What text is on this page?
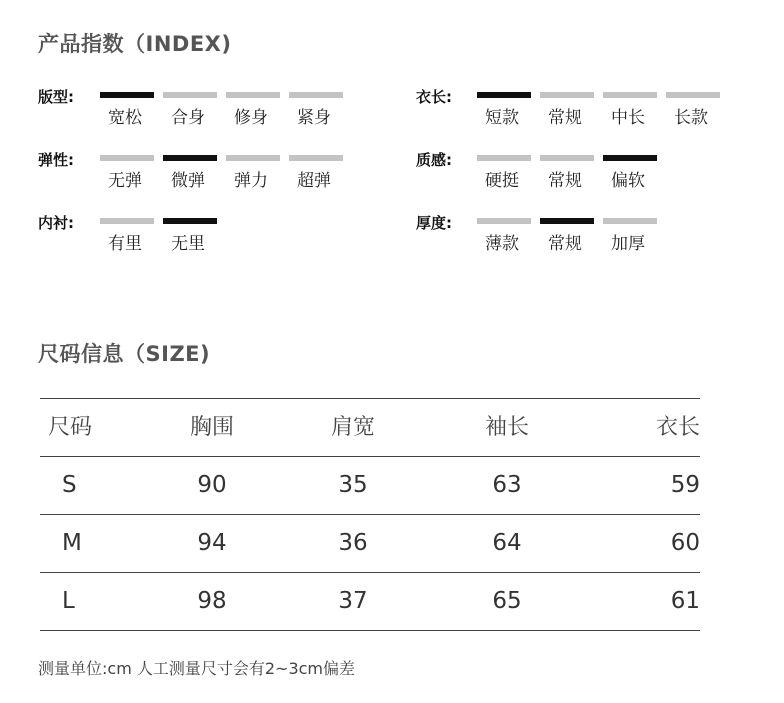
产品指数（INDEX)
版型:
宽松 合身 修身 紧身
衣长:
短款 常规 中长 长款
弹性:
无弹 微弹 弹力 超弹
质感:
硬挺 常规 偏软
内衬:
有里 无里
厚度:
薄款 常规 加厚
尺码信息（SIZE)
尺码	胸围	肩宽	袖长	衣长
S	90	35	63	59
M	94	36	64	60
L	98	37	65	61
测量单位:cm 人工测量尺寸会有2~3cm偏差
